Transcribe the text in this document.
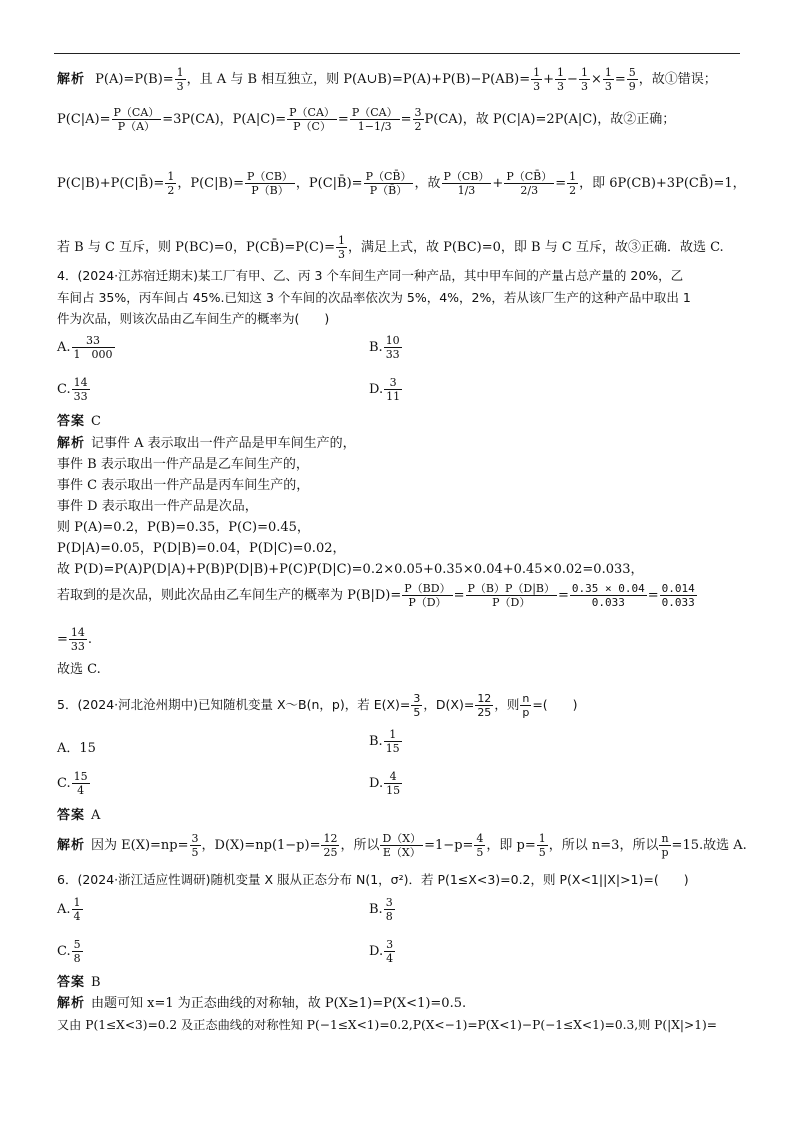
解析 $P(A)=P(B)= \frac{1}{3}$ ，且 A 与 B 相互独立，则 P(A∪B)=P(A)+P(B)−P(AB)= $\frac{1}{3} + \frac{1}{3} - \frac{1}{3} \times \frac{1}{3} = \frac{5}{9}$ ，故①错误；
$P(C|A)= \frac{P(CA)}{P(A)} =3P(CA)$，$P(A|C)= \frac{P(CA)}{P(C)} = \frac{P(CA)}{1-1/3} = \frac{3}{2} P(CA)$，故 P(C|A)=2P(A|C)，故②正确；
P(C|B)+P(C|B̄)= $\frac{1}{2}$ ，$P(C|B)= \frac{P(CB)}{P(B)}$ ，P(C|B̄)= $\frac{P(CB̄)}{P(B̄)}$ ，故 $\frac{P(CB)}{1/3} + \frac{P(CB̄)}{2/3} = \frac{1}{2}$ ，即 6P(CB)+3P(CB̄)=1，
若 B 与 C 互斥，则 P(BC)=0，P(CB̄)=P(C)= $\frac{1}{3}$ ，满足上式，故 P(BC)=0，即 B 与 C 互斥，故③正确．故选 C.
4．(2024·江苏宿迁期末)某工厂有甲、乙、丙 3 个车间生产同一种产品，其中甲车间的产量占总产量的 20%，乙
车间占 35%，丙车间占 45%.已知这 3 个车间的次品率依次为 5%，4%，2%，若从该厂生产的这种产品中取出 1
件为次品，则该次品由乙车间生产的概率为(　　)
A. $\frac{33}{1 000}$	B. $\frac{10}{33}$
C. $\frac{14}{33}$	D. $\frac{3}{11}$
答案 C
解析 记事件 A 表示取出一件产品是甲车间生产的，
事件 B 表示取出一件产品是乙车间生产的，
事件 C 表示取出一件产品是丙车间生产的，
事件 D 表示取出一件产品是次品，
则 P(A)=0.2，P(B)=0.35，P(C)=0.45，
P(D|A)=0.05，P(D|B)=0.04，P(D|C)=0.02，
故 P(D)=P(A)P(D|A)+P(B)P(D|B)+P(C)P(D|C)=0.2×0.05+0.35×0.04+0.45×0.02=0.033，
若取到的是次品，则此次品由乙车间生产的概率为 $P(B|D)= \frac{P(BD)}{P(D)} = \frac{P(B)P(D|B)}{P(D)} = \frac{0.35 \times 0.04}{0.033} = \frac{0.014}{0.033}$
= $\frac{14}{33}$ .
故选 C.
5．(2024·河北沧州期中)已知随机变量 X～B(n，p)，若 $E(X)= \frac{3}{5}$ ，$D(X)= \frac{12}{25}$ ，则 $\frac{n}{p}$ =(　　)
A．15	B. $\frac{1}{15}$
C. $\frac{15}{4}$	D. $\frac{4}{15}$
答案 A
解析 因为 $E(X)=np= \frac{3}{5}$ ，$D(X)=np(1-p)= \frac{12}{25}$ ，所以 $\frac{D(X)}{E(X)} =1-p= \frac{4}{5}$ ，即 $p= \frac{1}{5}$ ，所以 n=3，所以 $\frac{n}{p} =15$.故选 A.
6．(2024·浙江适应性调研)随机变量 X 服从正态分布 N(1，σ²)．若 P(1≤X<3)=0.2，则 P(X<1||X|>1)=(　　)
A. $\frac{1}{4}$	B. $\frac{3}{8}$
C. $\frac{5}{8}$	D. $\frac{3}{4}$
答案 B
解析 由题可知 x=1 为正态曲线的对称轴，故 P(X≥1)=P(X<1)=0.5.
又由 P(1≤X<3)=0.2 及正态曲线的对称性知 P(−1≤X<1)=0.2,P(X<−1)=P(X<1)−P(−1≤X<1)=0.3,则 P(|X|>1)=
